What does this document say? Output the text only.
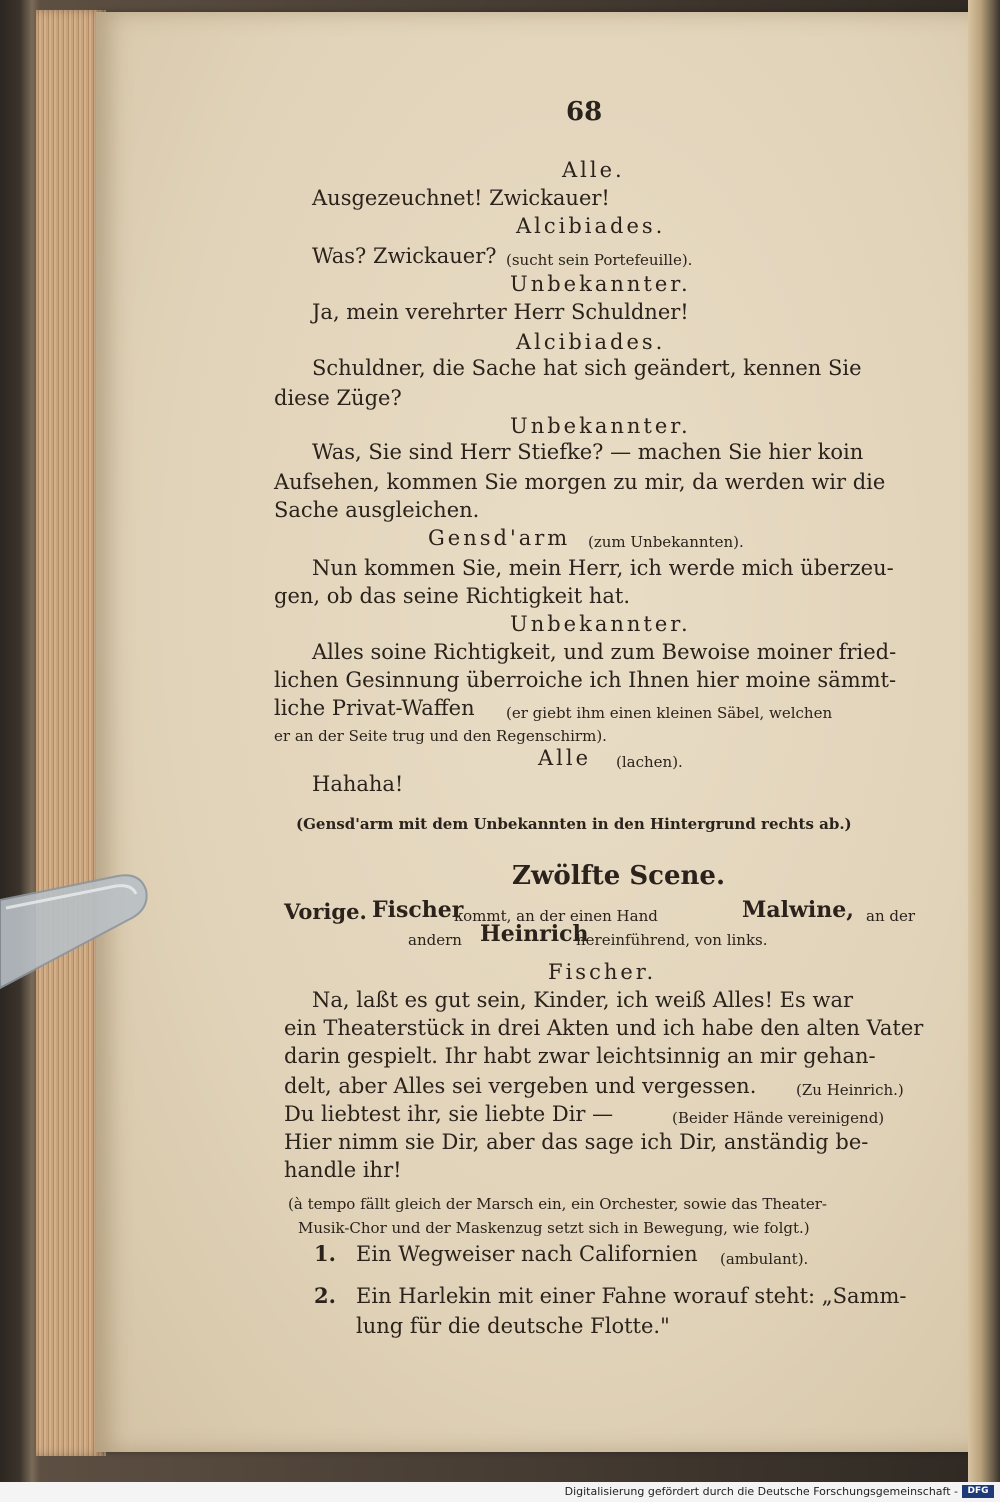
68
Alle.
Ausgezeuchnet! Zwickauer!
Alcibiades.
Was? Zwickauer? (sucht sein Portefeuille).
Unbekannter.
Ja, mein verehrter Herr Schuldner!
Alcibiades.
Schuldner, die Sache hat sich geändert, kennen Sie
diese Züge?
Unbekannter.
Was, Sie sind Herr Stiefke? — machen Sie hier koin
Aufsehen, kommen Sie morgen zu mir, da werden wir die
Sache ausgleichen.
Gensd'arm (zum Unbekannten).
Nun kommen Sie, mein Herr, ich werde mich überzeu-
gen, ob das seine Richtigkeit hat.
Unbekannter.
Alles soine Richtigkeit, und zum Bewoise moiner fried-
lichen Gesinnung überroiche ich Ihnen hier moine sämmt-
liche Privat-Waffen (er giebt ihm einen kleinen Säbel, welchen
er an der Seite trug und den Regenschirm).
Alle (lachen).
Hahaha!
(Gensd'arm mit dem Unbekannten in den Hintergrund rechts ab.)
Zwölfte Scene.
Vorige. Fischer
kommt, an der einen Hand	Malwine, an der
andern Heinrich
hereinführend, von links.
Fischer.
Na, laßt es gut sein, Kinder, ich weiß Alles! Es war
ein Theaterstück in drei Akten und ich habe den alten Vater
darin gespielt. Ihr habt zwar leichtsinnig an mir gehan-
delt, aber Alles sei vergeben und vergessen.	(Zu Heinrich.)
Du liebtest ihr, sie liebte Dir —	(Beider Hände vereinigend)
Hier nimm sie Dir, aber das sage ich Dir, anständig be-
handle ihr!
(à tempo fällt gleich der Marsch ein, ein Orchester, sowie das Theater-
Musik-Chor und der Maskenzug setzt sich in Bewegung, wie folgt.)
1. Ein Wegweiser nach Californien (ambulant).
2. Ein Harlekin mit einer Fahne worauf steht: „Samm-
lung für die deutsche Flotte."
Digitalisierung gefördert durch die Deutsche Forschungsgemeinschaft -	DFG
